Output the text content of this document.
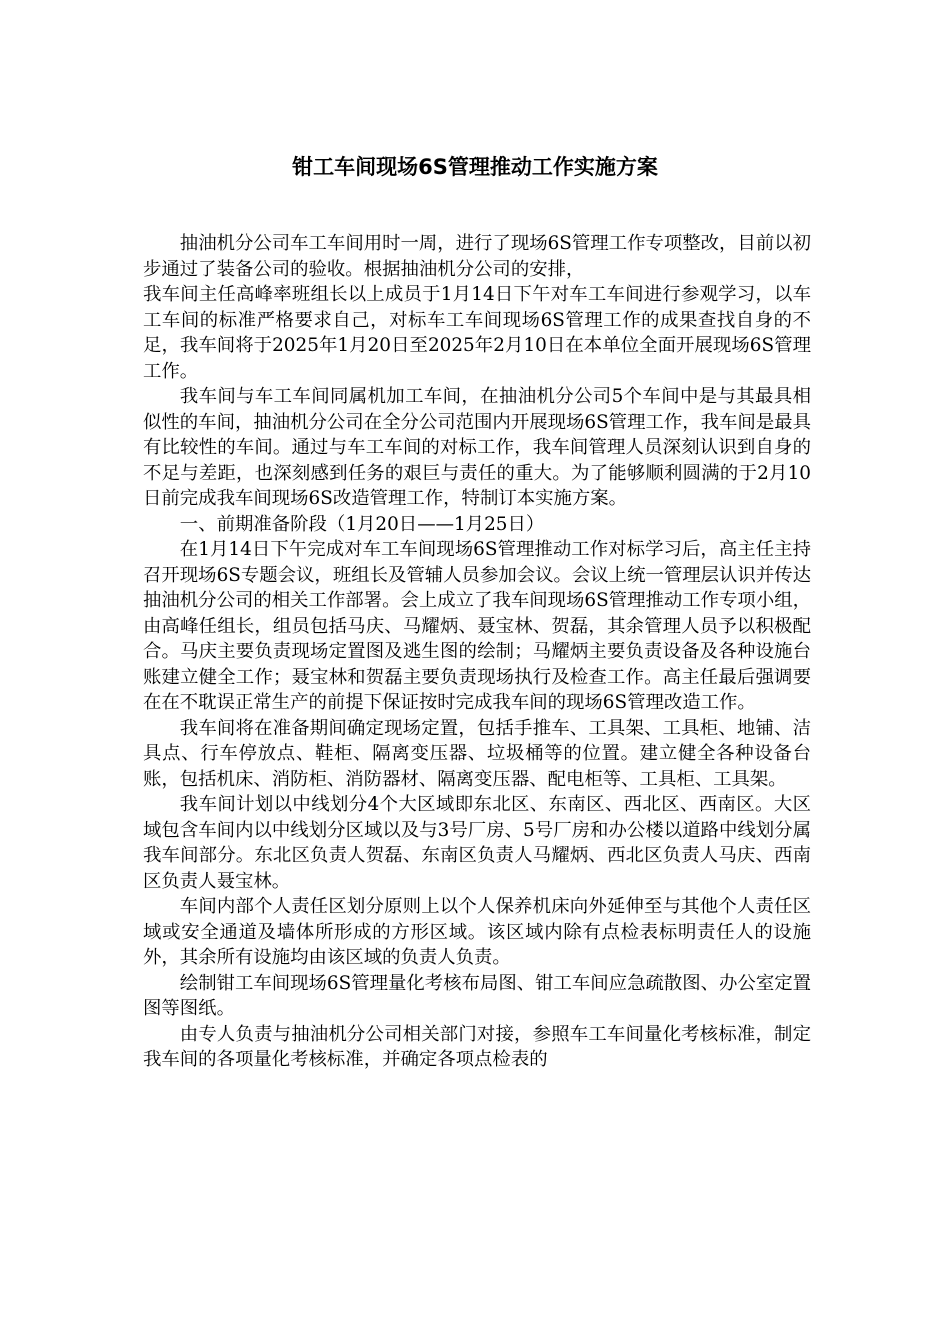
钳工车间现场6S管理推动工作实施方案

抽油机分公司车工车间用时一周，进行了现场6S管理工作专项整改，目前以初步通过了装备公司的验收。根据抽油机分公司的安排，

我车间主任高峰率班组长以上成员于1月14日下午对车工车间进行参观学习，以车工车间的标准严格要求自己，对标车工车间现场6S管理工作的成果查找自身的不足，我车间将于2025年1月20日至2025年2月10日在本单位全面开展现场6S管理工作。

我车间与车工车间同属机加工车间，在抽油机分公司5个车间中是与其最具相似性的车间，抽油机分公司在全分公司范围内开展现场6S管理工作，我车间是最具有比较性的车间。通过与车工车间的对标工作，我车间管理人员深刻认识到自身的不足与差距，也深刻感到任务的艰巨与责任的重大。为了能够顺利圆满的于2月10日前完成我车间现场6S改造管理工作，特制订本实施方案。

一、前期准备阶段（1月20日——1月25日）

在1月14日下午完成对车工车间现场6S管理推动工作对标学习后，高主任主持召开现场6S专题会议，班组长及管辅人员参加会议。会议上统一管理层认识并传达抽油机分公司的相关工作部署。会上成立了我车间现场6S管理推动工作专项小组，由高峰任组长，组员包括马庆、马耀炳、聂宝林、贺磊，其余管理人员予以积极配合。马庆主要负责现场定置图及逃生图的绘制；马耀炳主要负责设备及各种设施台账建立健全工作；聂宝林和贺磊主要负责现场执行及检查工作。高主任最后强调要在在不耽误正常生产的前提下保证按时完成我车间的现场6S管理改造工作。

我车间将在准备期间确定现场定置，包括手推车、工具架、工具柜、地铺、洁具点、行车停放点、鞋柜、隔离变压器、垃圾桶等的位置。建立健全各种设备台账，包括机床、消防柜、消防器材、隔离变压器、配电柜等、工具柜、工具架。

我车间计划以中线划分4个大区域即东北区、东南区、西北区、西南区。大区域包含车间内以中线划分区域以及与3号厂房、5号厂房和办公楼以道路中线划分属我车间部分。东北区负责人贺磊、东南区负责人马耀炳、西北区负责人马庆、西南区负责人聂宝林。

车间内部个人责任区划分原则上以个人保养机床向外延伸至与其他个人责任区域或安全通道及墙体所形成的方形区域。该区域内除有点检表标明责任人的设施外，其余所有设施均由该区域的负责人负责。

绘制钳工车间现场6S管理量化考核布局图、钳工车间应急疏散图、办公室定置图等图纸。

由专人负责与抽油机分公司相关部门对接，参照车工车间量化考核标准，制定我车间的各项量化考核标准，并确定各项点检表的
